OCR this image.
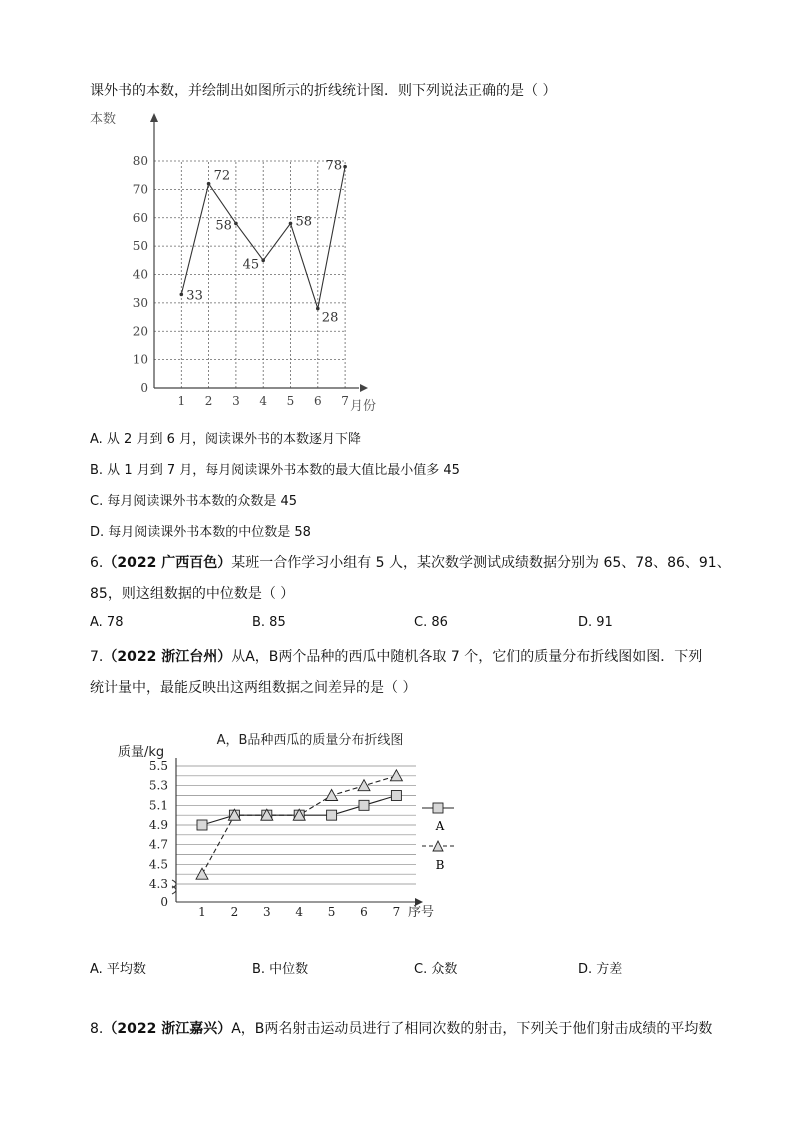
课外书的本数，并绘制出如图所示的折线统计图．则下列说法正确的是（ ）
本数
月份
0
10
20
30
40
50
60
70
80
1 2 3 4 5 6 7
33
72
58
45
58
28
78
A. 从 2 月到 6 月，阅读课外书的本数逐月下降
B. 从 1 月到 7 月，每月阅读课外书本数的最大值比最小值多 45
C. 每月阅读课外书本数的众数是 45
D. 每月阅读课外书本数的中位数是 58
6.（2022 广西百色）某班一合作学习小组有 5 人，某次数学测试成绩数据分别为 65、78、86、91、
85，则这组数据的中位数是（ ）
A. 78	B. 85	C. 86	D. 91
7.（2022 浙江台州）从A，B两个品种的西瓜中随机各取 7 个，它们的质量分布折线图如图．下列
统计量中，最能反映出这两组数据之间差异的是（ ）
A，B品种西瓜的质量分布折线图
质量/kg
序号
0
4.3
4.5
4.7
4.9
5.1
5.3
5.5
1 2 3 4 5 6 7
A
B
A. 平均数	B. 中位数	C. 众数	D. 方差
8.（2022 浙江嘉兴）A，B两名射击运动员进行了相同次数的射击，下列关于他们射击成绩的平均数
